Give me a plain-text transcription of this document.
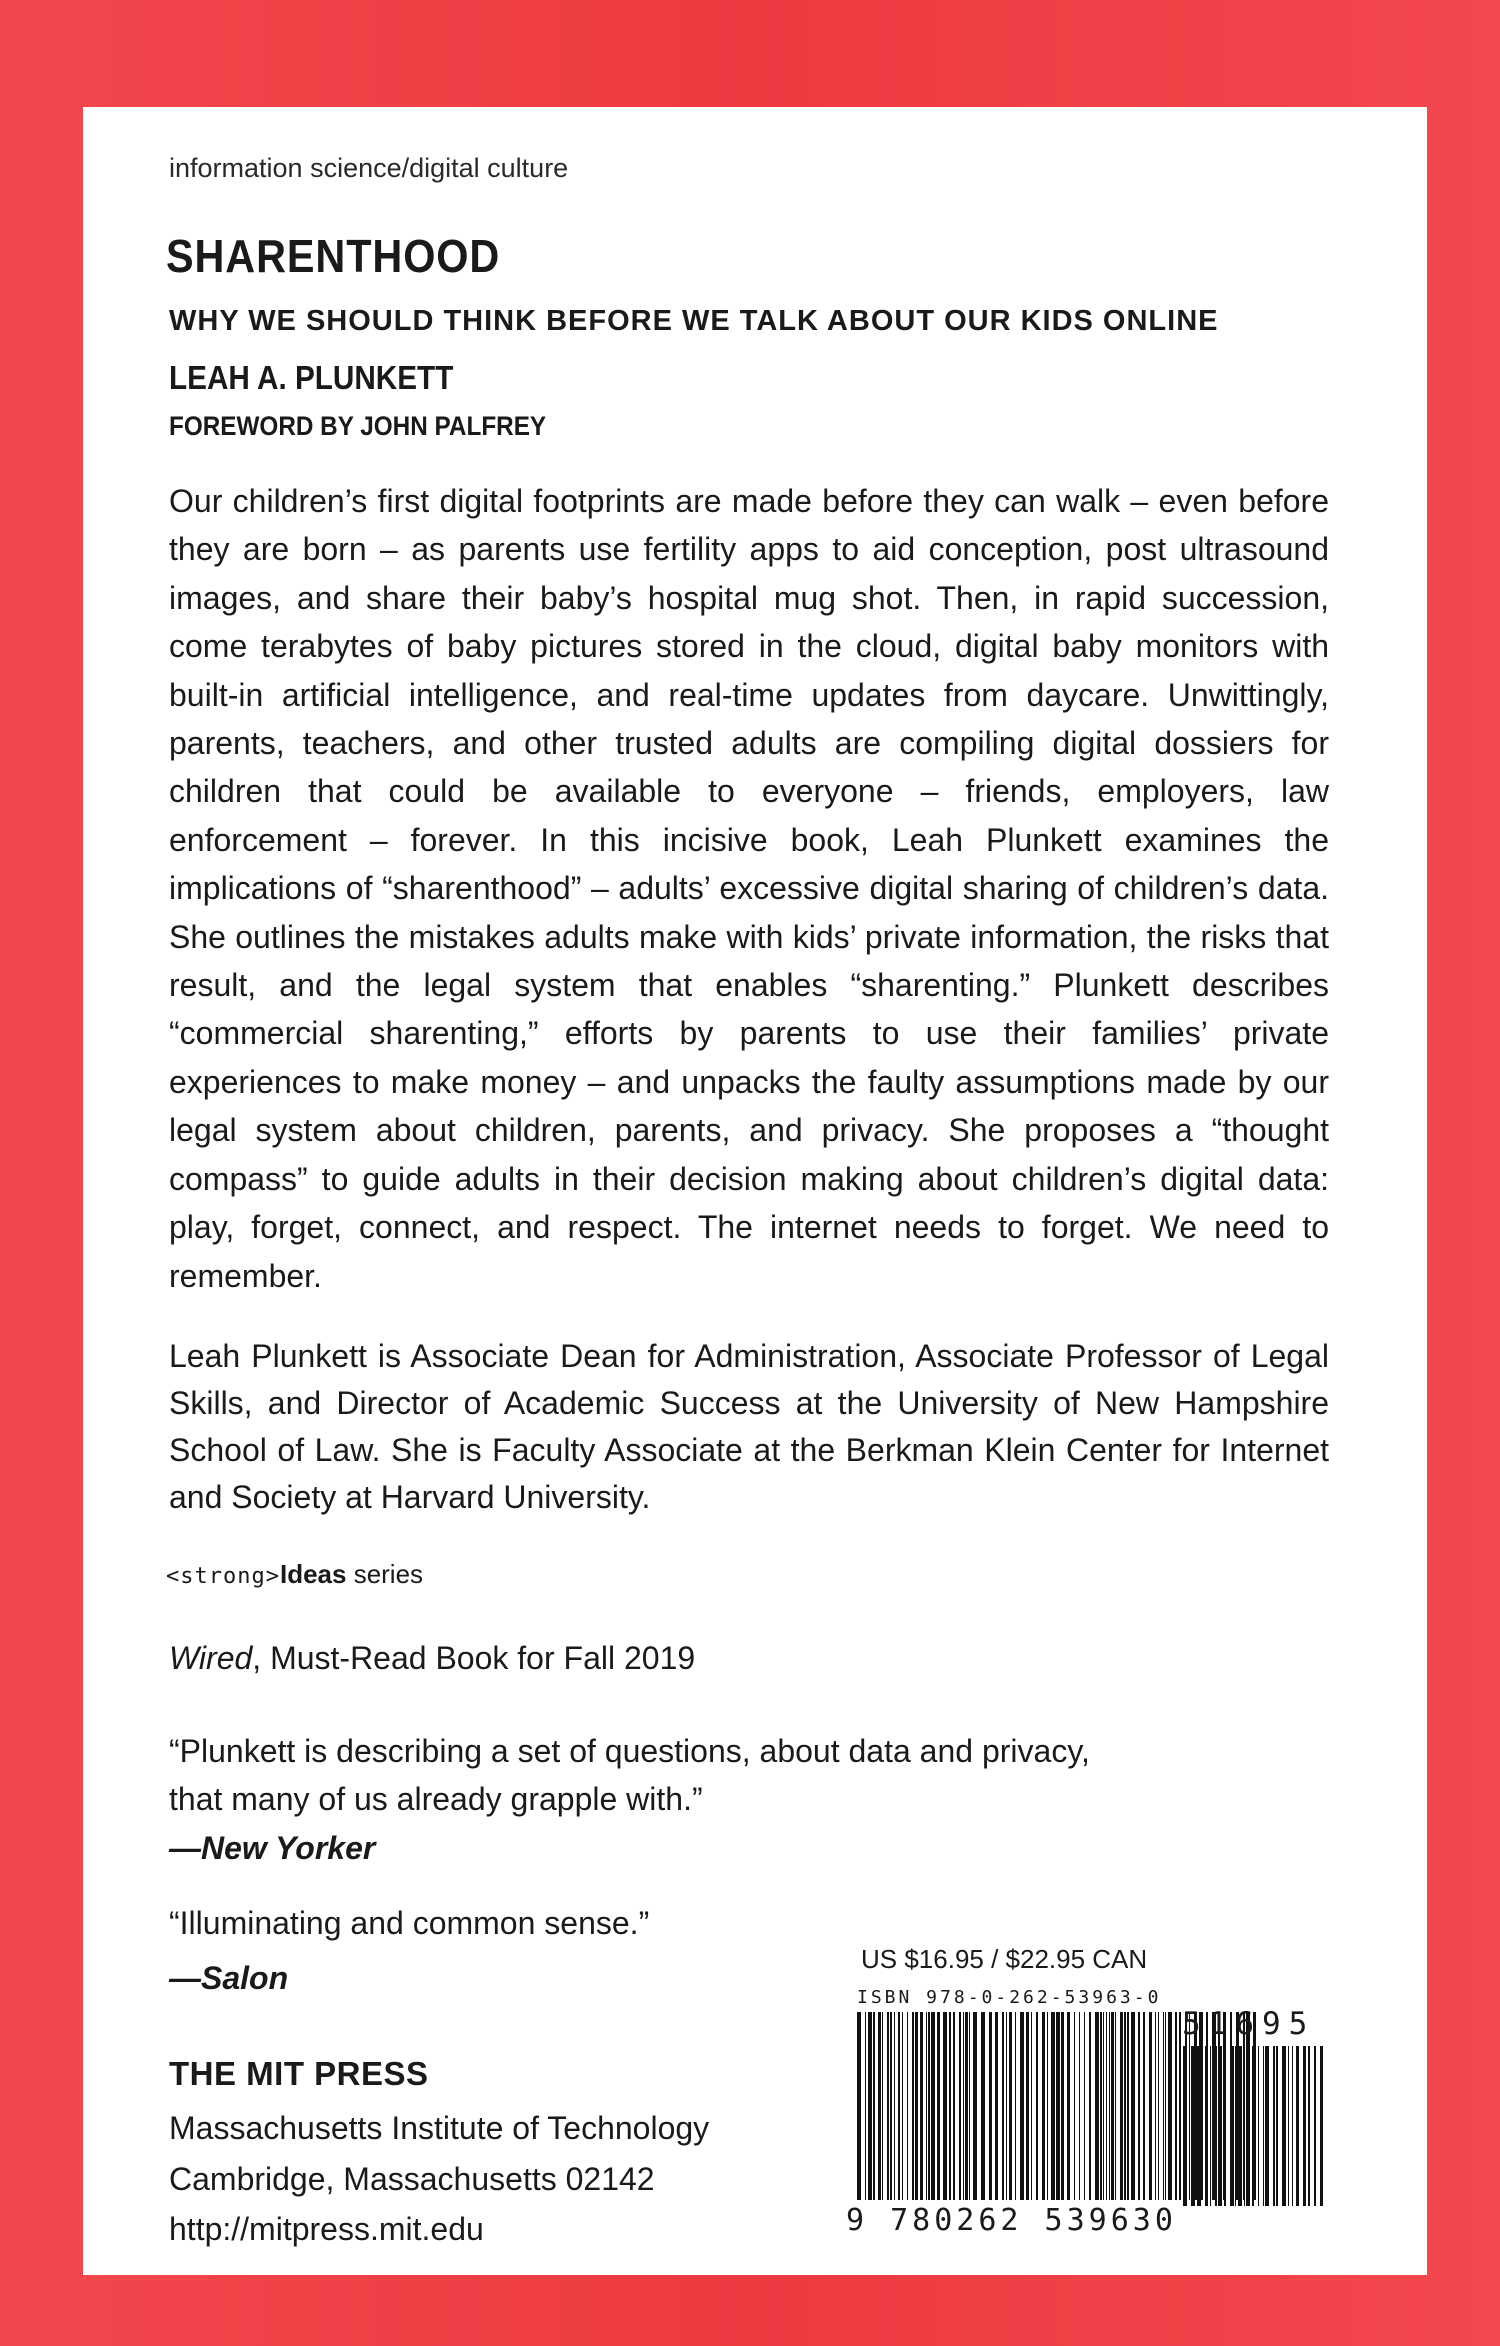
information science/digital culture
SHARENTHOOD
WHY WE SHOULD THINK BEFORE WE TALK ABOUT OUR KIDS ONLINE
LEAH A. PLUNKETT
FOREWORD BY JOHN PALFREY

Our children’s first digital footprints are made before they can walk – even before they are born – as parents use fertility apps to aid conception, post ultrasound images, and share their baby’s hospital mug shot. Then, in rapid succession, come terabytes of baby pictures stored in the cloud, digital baby monitors with built-in artificial intelligence, and real-time updates from daycare. Unwittingly, parents, teachers, and other trusted adults are compiling digital dossiers for children that could be available to everyone – friends, employers, law enforcement – forever. In this incisive book, Leah Plunkett examines the implications of “sharenthood” – adults’ excessive digital sharing of children’s data. She outlines the mistakes adults make with kids’ private information, the risks that result, and the legal system that enables “sharenting.” Plunkett describes “commercial sharenting,” efforts by parents to use their families’ private experiences to make money – and unpacks the faulty assumptions made by our legal system about children, parents, and privacy. She proposes a “thought compass” to guide adults in their decision making about children’s digital data: play, forget, connect, and respect. The internet needs to forget. We need to remember.

Leah Plunkett is Associate Dean for Administration, Associate Professor of Legal Skills, and Director of Academic Success at the University of New Hampshire School of Law. She is Faculty Associate at the Berkman Klein Center for Internet and Society at Harvard University.

<strong>Ideas series
Wired, Must-Read Book for Fall 2019
“Plunkett is describing a set of questions, about data and privacy,
that many of us already grapple with.”
—New Yorker
“Illuminating and common sense.”
—Salon
THE MIT PRESS
Massachusetts Institute of Technology
Cambridge, Massachusetts 02142
http://mitpress.mit.edu
US $16.95 / $22.95 CAN
ISBN 978-0-262-53963-0
9 780262 539630
51695
